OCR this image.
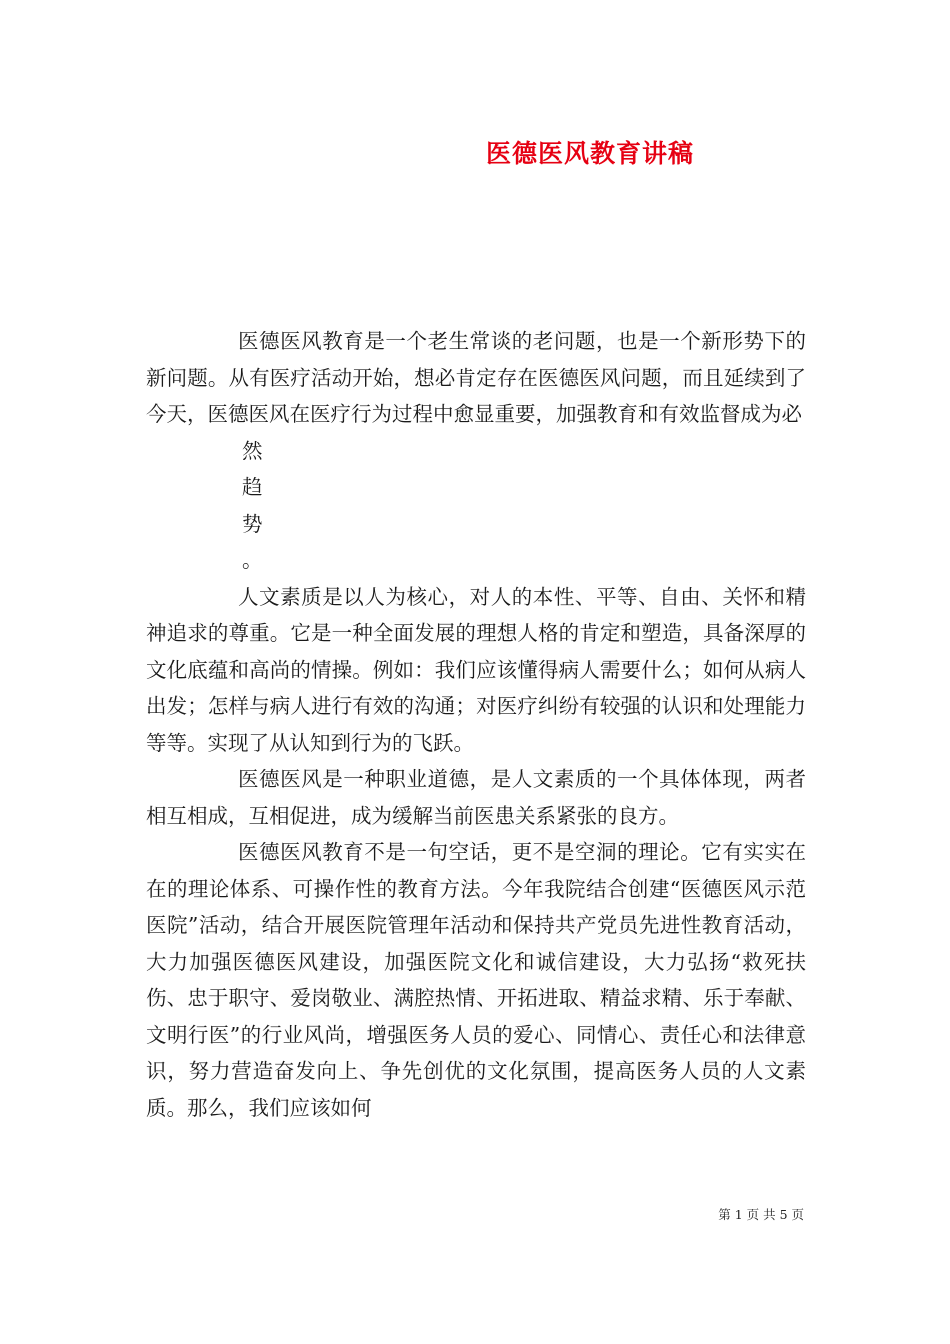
医德医风教育讲稿

医德医风教育是一个老生常谈的老问题，也是一个新形势下的新问题。从有医疗活动开始，想必肯定存在医德医风问题，而且延续到了今天，医德医风在医疗行为过程中愈显重要，加强教育和有效监督成为必

然
趋
势
。

人文素质是以人为核心，对人的本性、平等、自由、关怀和精神追求的尊重。它是一种全面发展的理想人格的肯定和塑造，具备深厚的文化底蕴和高尚的情操。例如：我们应该懂得病人需要什么；如何从病人出发；怎样与病人进行有效的沟通；对医疗纠纷有较强的认识和处理能力等等。实现了从认知到行为的飞跃。

医德医风是一种职业道德，是人文素质的一个具体体现，两者相互相成，互相促进，成为缓解当前医患关系紧张的良方。

医德医风教育不是一句空话，更不是空洞的理论。它有实实在在的理论体系、可操作性的教育方法。今年我院结合创建“医德医风示范医院”活动，结合开展医院管理年活动和保持共产党员先进性教育活动，大力加强医德医风建设，加强医院文化和诚信建设，大力弘扬“救死扶伤、忠于职守、爱岗敬业、满腔热情、开拓进取、精益求精、乐于奉献、文明行医”的行业风尚，增强医务人员的爱心、同情心、责任心和法律意识，努力营造奋发向上、争先创优的文化氛围，提高医务人员的人文素质。那么，我们应该如何

第 1 页 共 5 页
